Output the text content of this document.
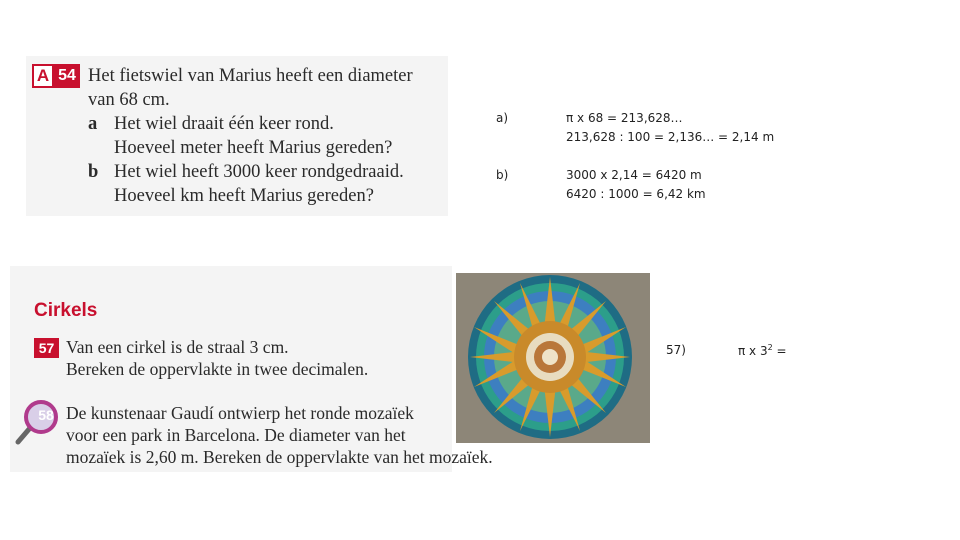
A 54 Het fietswiel van Marius heeft een diameter
van 68 cm.
a Het wiel draait één keer rond.
Hoeveel meter heeft Marius gereden?
b Het wiel heeft 3000 keer rondgedraaid.
Hoeveel km heeft Marius gereden?
a)	π x 68 = 213,628…
213,628 : 100 = 2,136… = 2,14 m
b)	3000 x 2,14 = 6420 m
6420 : 1000 = 6,42 km
Cirkels
57 Van een cirkel is de straal 3 cm.
Bereken de oppervlakte in twee decimalen.
58 De kunstenaar Gaudí ontwierp het ronde mozaïek
voor een park in Barcelona. De diameter van het
mozaïek is 2,60 m. Bereken de oppervlakte van het mozaïek.
57)	π x $3^2$ =
